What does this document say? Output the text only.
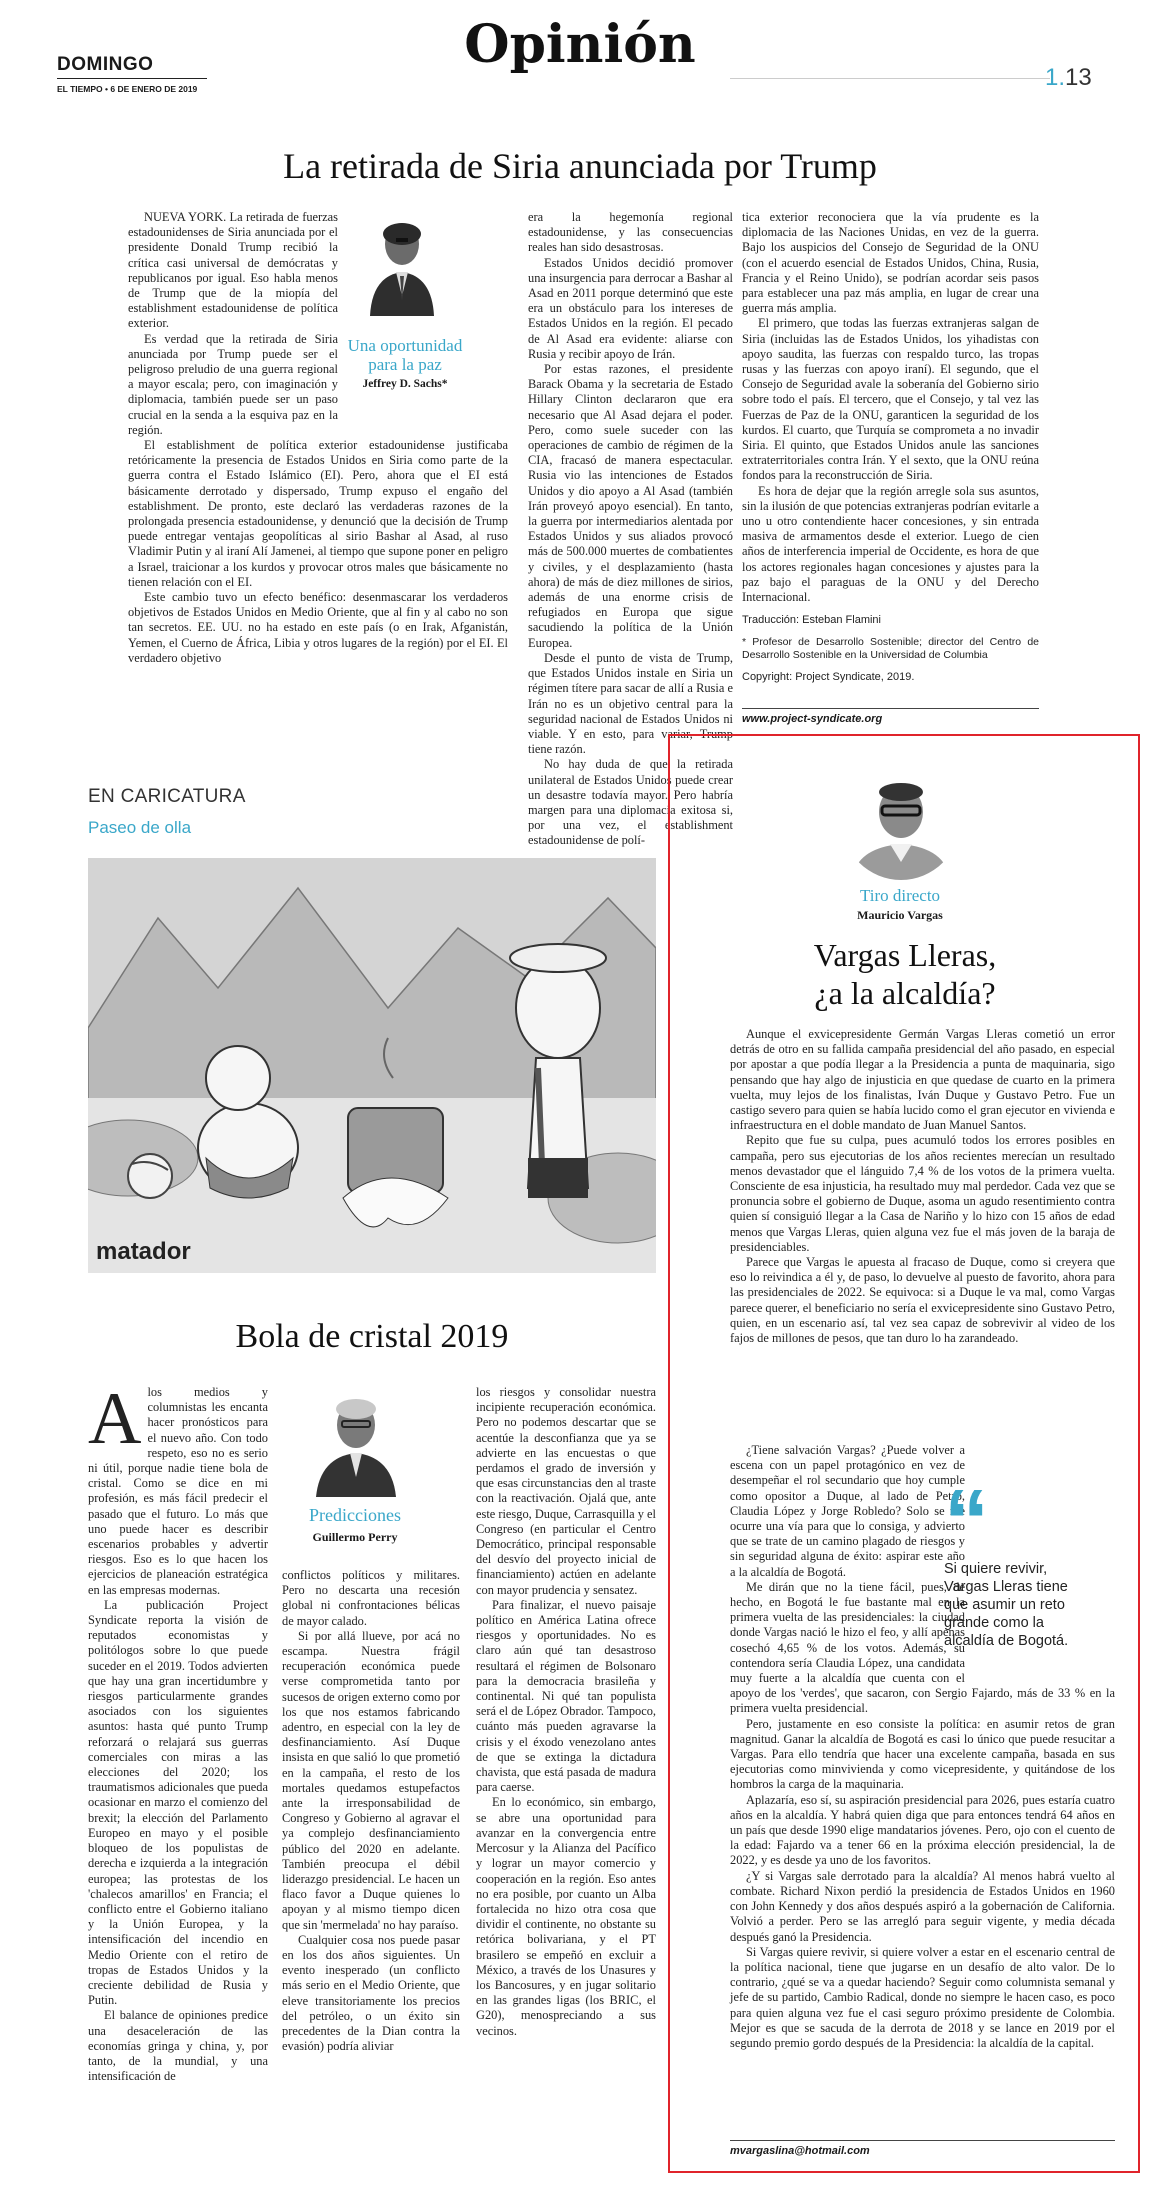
DOMINGO
EL TIEMPO • 6 DE ENERO DE 2019
Opinión
1.13
La retirada de Siria anunciada por Trump

NUEVA YORK. La retirada de fuerzas estadounidenses de Siria anunciada por el presidente Donald Trump recibió la crítica casi universal de demócratas y republicanos por igual. Eso habla menos de Trump que de la miopía del establishment estadounidense de política exterior.

Es verdad que la retirada de Siria anunciada por Trump puede ser el peligroso preludio de una guerra regional a mayor escala; pero, con imaginación y diplomacia, también puede ser un paso crucial en la senda a la esquiva paz en la región.

El establishment de política exterior estadounidense justificaba retóricamente la presencia de Estados Unidos en Siria como parte de la guerra contra el Estado Islámico (EI). Pero, ahora que el EI está básicamente derrotado y dispersado, Trump expuso el engaño del establishment. De pronto, este declaró las verdaderas razones de la prolongada presencia estadounidense, y denunció que la decisión de Trump puede entregar ventajas geopolíticas al sirio Bashar al Asad, al ruso Vladimir Putin y al iraní Alí Jamenei, al tiempo que supone poner en peligro a Israel, traicionar a los kurdos y provocar otros males que básicamente no tienen relación con el EI.

Este cambio tuvo un efecto benéfico: desenmascarar los verdaderos objetivos de Estados Unidos en Medio Oriente, que al fin y al cabo no son tan secretos. EE. UU. no ha estado en este país (o en Irak, Afganistán, Yemen, el Cuerno de África, Libia y otros lugares de la región) por el EI. El verdadero objetivo

Una oportunidad para la paz
Jeffrey D. Sachs*

era la hegemonía regional estadounidense, y las consecuencias reales han sido desastrosas.

Estados Unidos decidió promover una insurgencia para derrocar a Bashar al Asad en 2011 porque determinó que este era un obstáculo para los intereses de Estados Unidos en la región. El pecado de Al Asad era evidente: aliarse con Rusia y recibir apoyo de Irán.

Por estas razones, el presidente Barack Obama y la secretaria de Estado Hillary Clinton declararon que era necesario que Al Asad dejara el poder. Pero, como suele suceder con las operaciones de cambio de régimen de la CIA, fracasó de manera espectacular. Rusia vio las intenciones de Estados Unidos y dio apoyo a Al Asad (también Irán proveyó apoyo esencial). En tanto, la guerra por intermediarios alentada por Estados Unidos y sus aliados provocó más de 500.000 muertes de combatientes y civiles, y el desplazamiento (hasta ahora) de más de diez millones de sirios, además de una enorme crisis de refugiados en Europa que sigue sacudiendo la política de la Unión Europea.

Desde el punto de vista de Trump, que Estados Unidos instale en Siria un régimen títere para sacar de allí a Rusia e Irán no es un objetivo central para la seguridad nacional de Estados Unidos ni viable. Y en esto, para variar, Trump tiene razón.

No hay duda de que la retirada unilateral de Estados Unidos puede crear un desastre todavía mayor. Pero habría margen para una diplomacia exitosa si, por una vez, el establishment estadounidense de polí-

tica exterior reconociera que la vía prudente es la diplomacia de las Naciones Unidas, en vez de la guerra. Bajo los auspicios del Consejo de Seguridad de la ONU (con el acuerdo esencial de Estados Unidos, China, Rusia, Francia y el Reino Unido), se podrían acordar seis pasos para establecer una paz más amplia, en lugar de crear una guerra más amplia.

El primero, que todas las fuerzas extranjeras salgan de Siria (incluidas las de Estados Unidos, los yihadistas con apoyo saudita, las fuerzas con respaldo turco, las tropas rusas y las fuerzas con apoyo iraní). El segundo, que el Consejo de Seguridad avale la soberanía del Gobierno sirio sobre todo el país. El tercero, que el Consejo, y tal vez las Fuerzas de Paz de la ONU, garanticen la seguridad de los kurdos. El cuarto, que Turquía se comprometa a no invadir Siria. El quinto, que Estados Unidos anule las sanciones extraterritoriales contra Irán. Y el sexto, que la ONU reúna fondos para la reconstrucción de Siria.

Es hora de dejar que la región arregle sola sus asuntos, sin la ilusión de que potencias extranjeras podrían evitarle a uno u otro contendiente hacer concesiones, y sin entrada masiva de armamentos desde el exterior. Luego de cien años de interferencia imperial de Occidente, es hora de que los actores regionales hagan concesiones y ajustes para la paz bajo el paraguas de la ONU y del Derecho Internacional.

Traducción: Esteban Flamini

* Profesor de Desarrollo Sostenible; director del Centro de Desarrollo Sostenible en la Universidad de Columbia

Copyright: Project Syndicate, 2019.

www.project-syndicate.org
EN CARICATURA
Paseo de olla
matador
Bola de cristal 2019
A los medios y columnistas les encanta hacer pronósticos para el nuevo año. Con todo respeto, eso no es serio ni útil, porque nadie tiene bola de cristal. Como se dice en mi profesión, es más fácil predecir el pasado que el futuro. Lo más que uno puede hacer es describir escenarios probables y advertir riesgos. Eso es lo que hacen los ejercicios de planeación estratégica en las empresas modernas.

La publicación Project Syndicate reporta la visión de reputados economistas y politólogos sobre lo que puede suceder en el 2019. Todos advierten que hay una gran incertidumbre y riesgos particularmente grandes asociados con los siguientes asuntos: hasta qué punto Trump reforzará o relajará sus guerras comerciales con miras a las elecciones del 2020; los traumatismos adicionales que pueda ocasionar en marzo el comienzo del brexit; la elección del Parlamento Europeo en mayo y el posible bloqueo de los populistas de derecha e izquierda a la integración europea; las protestas de los 'chalecos amarillos' en Francia; el conflicto entre el Gobierno italiano y la Unión Europea, y la intensificación del incendio en Medio Oriente con el retiro de tropas de Estados Unidos y la creciente debilidad de Rusia y Putin.

El balance de opiniones predice una desaceleración de las economías gringa y china, y, por tanto, de la mundial, y una intensificación de

Predicciones
Guillermo Perry

conflictos políticos y militares. Pero no descarta una recesión global ni confrontaciones bélicas de mayor calado.

Si por allá llueve, por acá no escampa. Nuestra frágil recuperación económica puede verse comprometida tanto por sucesos de origen externo como por los que nos estamos fabricando adentro, en especial con la ley de desfinanciamiento. Así Duque insista en que salió lo que prometió en la campaña, el resto de los mortales quedamos estupefactos ante la irresponsabilidad de Congreso y Gobierno al agravar el ya complejo desfinanciamiento público del 2020 en adelante. También preocupa el débil liderazgo presidencial. Le hacen un flaco favor a Duque quienes lo apoyan y al mismo tiempo dicen que sin 'mermelada' no hay paraíso.

Cualquier cosa nos puede pasar en los dos años siguientes. Un evento inesperado (un conflicto más serio en el Medio Oriente, que eleve transitoriamente los precios del petróleo, o un éxito sin precedentes de la Dian contra la evasión) podría aliviar

los riesgos y consolidar nuestra incipiente recuperación económica. Pero no podemos descartar que se acentúe la desconfianza que ya se advierte en las encuestas o que perdamos el grado de inversión y que esas circunstancias den al traste con la reactivación. Ojalá que, ante este riesgo, Duque, Carrasquilla y el Congreso (en particular el Centro Democrático, principal responsable del desvío del proyecto inicial de financiamiento) actúen en adelante con mayor prudencia y sensatez.

Para finalizar, el nuevo paisaje político en América Latina ofrece riesgos y oportunidades. No es claro aún qué tan desastroso resultará el régimen de Bolsonaro para la democracia brasileña y continental. Ni qué tan populista será el de López Obrador. Tampoco, cuánto más pueden agravarse la crisis y el éxodo venezolano antes de que se extinga la dictadura chavista, que está pasada de madura para caerse.

En lo económico, sin embargo, se abre una oportunidad para avanzar en la convergencia entre Mercosur y la Alianza del Pacífico y lograr un mayor comercio y cooperación en la región. Eso antes no era posible, por cuanto un Alba fortalecida no hizo otra cosa que dividir el continente, no obstante su retórica bolivariana, y el PT brasilero se empeñó en excluir a México, a través de los Unasures y los Bancosures, y en jugar solitario en las grandes ligas (los BRIC, el G20), menospreciando a sus vecinos.

Tiro directo
Mauricio Vargas
Vargas Lleras,
¿a la alcaldía?

Aunque el exvicepresidente Germán Vargas Lleras cometió un error detrás de otro en su fallida campaña presidencial del año pasado, en especial por apostar a que podía llegar a la Presidencia a punta de maquinaria, sigo pensando que hay algo de injusticia en que quedase de cuarto en la primera vuelta, muy lejos de los finalistas, Iván Duque y Gustavo Petro. Fue un castigo severo para quien se había lucido como el gran ejecutor en vivienda e infraestructura en el doble mandato de Juan Manuel Santos.

Repito que fue su culpa, pues acumuló todos los errores posibles en campaña, pero sus ejecutorias de los años recientes merecían un resultado menos devastador que el lánguido 7,4 % de los votos de la primera vuelta. Consciente de esa injusticia, ha resultado muy mal perdedor. Cada vez que se pronuncia sobre el gobierno de Duque, asoma un agudo resentimiento contra quien sí consiguió llegar a la Casa de Nariño y lo hizo con 15 años de edad menos que Vargas Lleras, quien alguna vez fue el más joven de la baraja de presidenciables.

Parece que Vargas le apuesta al fracaso de Duque, como si creyera que eso lo reivindica a él y, de paso, lo devuelve al puesto de favorito, ahora para las presidenciales de 2022. Se equivoca: si a Duque le va mal, como Vargas parece querer, el beneficiario no sería el exvicepresidente sino Gustavo Petro, quien, en un escenario así, tal vez sea capaz de sobrevivir al video de los fajos de millones de pesos, que tan duro lo ha zarandeado.

¿Tiene salvación Vargas? ¿Puede volver a escena con un papel protagónico en vez de desempeñar el rol secundario que hoy cumple como opositor a Duque, al lado de Petro, Claudia López y Jorge Robledo? Solo se me ocurre una vía para que lo consiga, y advierto que se trate de un camino plagado de riesgos y sin seguridad alguna de éxito: aspirar este año a la alcaldía de Bogotá.

Me dirán que no la tiene fácil, pues, de hecho, en Bogotá le fue bastante mal en la primera vuelta de las presidenciales: la ciudad donde Vargas nació le hizo el feo, y allí apenas cosechó 4,65 % de los votos. Además, su contendora sería Claudia López, una candidata muy fuerte a la alcaldía que cuenta con el apoyo de los 'verdes', que sacaron, con Sergio Fajardo, más de 33 % en la primera vuelta presidencial.

Pero, justamente en eso consiste la política: en asumir retos de gran magnitud. Ganar la alcaldía de Bogotá es casi lo único que puede resucitar a Vargas. Para ello tendría que hacer una excelente campaña, basada en sus ejecutorias como minvivienda y como vicepresidente, y quitándose de los hombros la carga de la maquinaria.

Aplazaría, eso sí, su aspiración presidencial para 2026, pues estaría cuatro años en la alcaldía. Y habrá quien diga que para entonces tendrá 64 años en un país que desde 1990 elige mandatarios jóvenes. Pero, ojo con el cuento de la edad: Fajardo va a tener 66 en la próxima elección presidencial, la de 2022, y es desde ya uno de los favoritos.

¿Y si Vargas sale derrotado para la alcaldía? Al menos habrá vuelto al combate. Richard Nixon perdió la presidencia de Estados Unidos en 1960 con John Kennedy y dos años después aspiró a la gobernación de California. Volvió a perder. Pero se las arregló para seguir vigente, y media década después ganó la Presidencia.

Si Vargas quiere revivir, si quiere volver a estar en el escenario central de la política nacional, tiene que jugarse en un desafío de alto valor. De lo contrario, ¿qué se va a quedar haciendo? Seguir como columnista semanal y jefe de su partido, Cambio Radical, donde no siempre le hacen caso, es poco para quien alguna vez fue el casi seguro próximo presidente de Colombia. Mejor es que se sacuda de la derrota de 2018 y se lance en 2019 por el segundo premio gordo después de la Presidencia: la alcaldía de la capital.

“
Si quiere revivir, Vargas Lleras tiene que asumir un reto grande como la alcaldía de Bogotá.
mvargaslina@hotmail.com
